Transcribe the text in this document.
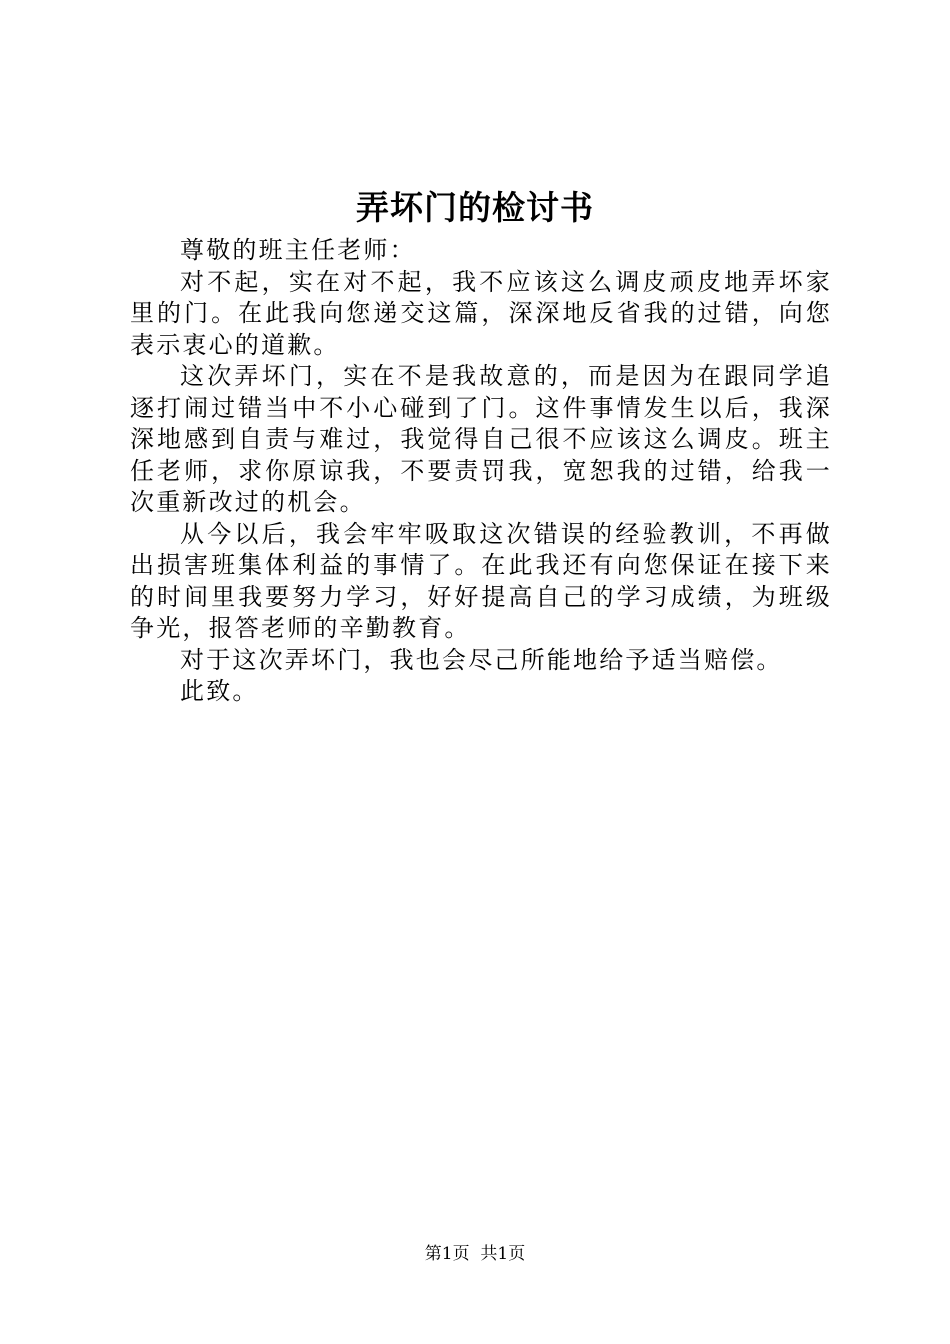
弄坏门的检讨书

尊敬的班主任老师：

对不起，实在对不起，我不应该这么调皮顽皮地弄坏家里的门。在此我向您递交这篇，深深地反省我的过错，向您表示衷心的道歉。

这次弄坏门，实在不是我故意的，而是因为在跟同学追逐打闹过错当中不小心碰到了门。这件事情发生以后，我深深地感到自责与难过，我觉得自己很不应该这么调皮。班主任老师，求你原谅我，不要责罚我，宽恕我的过错，给我一次重新改过的机会。

从今以后，我会牢牢吸取这次错误的经验教训，不再做出损害班集体利益的事情了。在此我还有向您保证在接下来的时间里我要努力学习，好好提高自己的学习成绩，为班级争光，报答老师的辛勤教育。

对于这次弄坏门，我也会尽己所能地给予适当赔偿。

此致。

第1页 共1页
